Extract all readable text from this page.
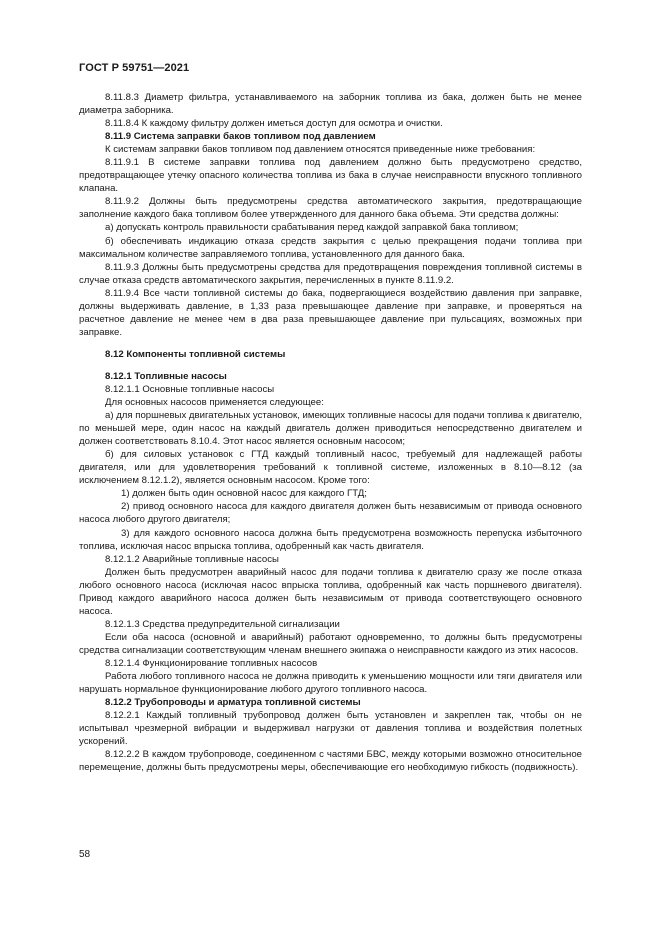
ГОСТ Р 59751—2021

8.11.8.3 Диаметр фильтра, устанавливаемого на заборник топлива из бака, должен быть не менее диаметра заборника.

8.11.8.4 К каждому фильтру должен иметься доступ для осмотра и очистки.

8.11.9 Система заправки баков топливом под давлением

К системам заправки баков топливом под давлением относятся приведенные ниже требования:

8.11.9.1 В системе заправки топлива под давлением должно быть предусмотрено средство, предотвращающее утечку опасного количества топлива из бака в случае неисправности впускного топливного клапана.

8.11.9.2 Должны быть предусмотрены средства автоматического закрытия, предотвращающие заполнение каждого бака топливом более утвержденного для данного бака объема. Эти средства должны:

а) допускать контроль правильности срабатывания перед каждой заправкой бака топливом;

б) обеспечивать индикацию отказа средств закрытия с целью прекращения подачи топлива при максимальном количестве заправляемого топлива, установленного для данного бака.

8.11.9.3 Должны быть предусмотрены средства для предотвращения повреждения топливной системы в случае отказа средств автоматического закрытия, перечисленных в пункте 8.11.9.2.

8.11.9.4 Все части топливной системы до бака, подвергающиеся воздействию давления при заправке, должны выдерживать давление, в 1,33 раза превышающее давление при заправке, и проверяться на расчетное давление не менее чем в два раза превышающее давление при пульсациях, возможных при заправке.

8.12 Компоненты топливной системы

8.12.1 Топливные насосы

8.12.1.1 Основные топливные насосы

Для основных насосов применяется следующее:

а) для поршневых двигательных установок, имеющих топливные насосы для подачи топлива к двигателю, по меньшей мере, один насос на каждый двигатель должен приводиться непосредственно двигателем и должен соответствовать 8.10.4. Этот насос является основным насосом;

б) для силовых установок с ГТД каждый топливный насос, требуемый для надлежащей работы двигателя, или для удовлетворения требований к топливной системе, изложенных в 8.10—8.12 (за исключением 8.12.1.2), является основным насосом. Кроме того:

1) должен быть один основной насос для каждого ГТД;

2) привод основного насоса для каждого двигателя должен быть независимым от привода основного насоса любого другого двигателя;

3) для каждого основного насоса должна быть предусмотрена возможность перепуска избыточного топлива, исключая насос впрыска топлива, одобренный как часть двигателя.

8.12.1.2 Аварийные топливные насосы

Должен быть предусмотрен аварийный насос для подачи топлива к двигателю сразу же после отказа любого основного насоса (исключая насос впрыска топлива, одобренный как часть поршневого двигателя). Привод каждого аварийного насоса должен быть независимым от привода соответствующего основного насоса.

8.12.1.3 Средства предупредительной сигнализации

Если оба насоса (основной и аварийный) работают одновременно, то должны быть предусмотрены средства сигнализации соответствующим членам внешнего экипажа о неисправности каждого из этих насосов.

8.12.1.4 Функционирование топливных насосов

Работа любого топливного насоса не должна приводить к уменьшению мощности или тяги двигателя или нарушать нормальное функционирование любого другого топливного насоса.

8.12.2 Трубопроводы и арматура топливной системы

8.12.2.1 Каждый топливный трубопровод должен быть установлен и закреплен так, чтобы он не испытывал чрезмерной вибрации и выдерживал нагрузки от давления топлива и воздействия полетных ускорений.

8.12.2.2 В каждом трубопроводе, соединенном с частями БВС, между которыми возможно относительное перемещение, должны быть предусмотрены меры, обеспечивающие его необходимую гибкость (подвижность).

58
